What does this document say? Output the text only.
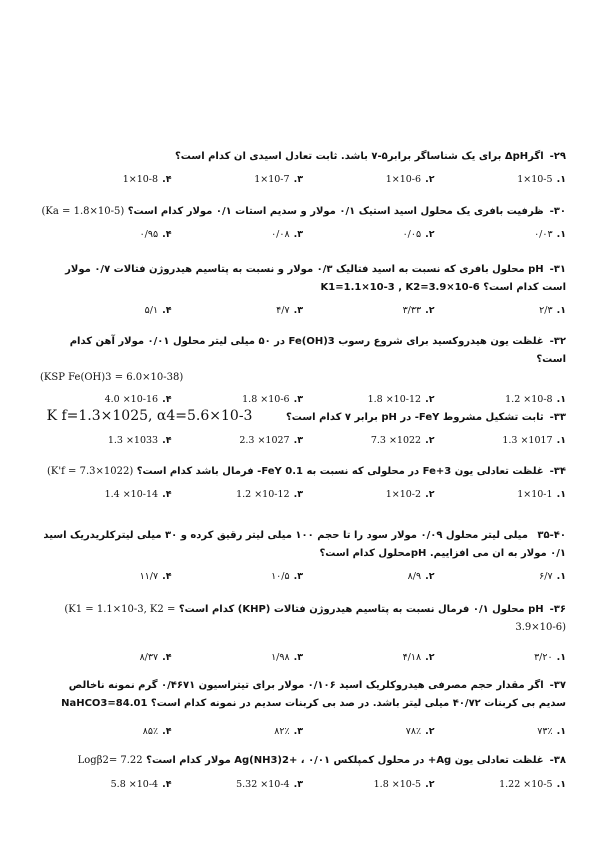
۲۹-اگرΔpH برای یک شناساگر برابر۵-۷ باشد. ثابت تعادل اسیدی ان کدام است؟
۱.1×10-5
۲.1×10-6
۳.1×10-7
۴.1×10-8
۳۰-ظرفیت بافری یک محلول اسید استیک ۰/۱ مولار و سدیم استات ۰/۱ مولار کدام است؟ (Ka = 1.8×10-5)
۱.۰/۰۳
۲.۰/۰۵
۳.۰/۰۸
۴.۰/۹۵
۳۱-pH محلول بافری که نسبت به اسید فتالیک ۰/۳ مولار و نسبت به پتاسیم هیدروژن فتالات ۰/۷ مولار است کدام است؟ K1=1.1×10-3 , K2=3.9×10-6
۱.۲/۳
۲.۳/۳۳
۳.۴/۷
۴.۵/۱
۳۲-غلظت یون هیدروکسید برای شروع رسوب Fe(OH)3 در ۵۰ میلی لیتر محلول ۰/۰۱ مولار آهن کدام است؟
(KSP Fe(OH)3 = 6.0×10-38)
۱.1.2 ×10-8
۲.1.8 ×10-12
۳.1.8 ×10-6
۴.4.0 ×10-16
۳۳-ثابت تشکیل مشروط FeY- در pH برابر ۷ کدام است؟ K f=1.3×1025, α4=5.6×10-3
۱.1.3 ×1017
۲.7.3 ×1022
۳.2.3 ×1027
۴.1.3 ×1033
۳۴-غلظت تعادلی یون Fe+3 در محلولی که نسبت به 0.1 FeY- فرمال باشد کدام است؟ (K'f = 7.3×1022)
۱.1×10-1
۲.1×10-2
۳.1.2 ×10-12
۴.1.4 ×10-14
۳۵-۴۰ میلی لیتر محلول ۰/۰۹ مولار سود را تا حجم ۱۰۰ میلی لیتر رقیق کرده و ۳۰ میلی لیترکلریدریک اسید ۰/۱ مولار به ان می افزاییم. pHمحلول کدام است؟
۱.۶/۷
۲.۸/۹
۳.۱۰/۵
۴.۱۱/۷
۳۶-pH محلول ۰/۱ فرمال نسبت به پتاسیم هیدروژن فتالات (KHP) کدام است؟ (K1 = 1.1×10-3, K2 = 3.9×10-6)
۱.۳/۲۰
۲.۴/۱۸
۳.۱/۹۸
۴.۸/۳۷
۳۷-اگر مقدار حجم مصرفی هیدروکلریک اسید ۰/۱۰۶ مولار برای تیتراسیون ۰/۴۶۷۱ گرم نمونه ناخالص سدیم بی کربنات ۴۰/۷۲ میلی لیتر باشد. در صد بی کربنات سدیم در نمونه کدام است؟ NaHCO3=84.01
۱.۷۳٪
۲.۷۸٪
۳.۸۲٪
۴.۸۵٪
۳۸-غلظت تعادلی یون Ag+ در محلول کمپلکس Ag(NH3)2+ ، ۰/۰۱ مولار کدام است؟ Logβ2= 7.22
۱.1.22 ×10-5
۲.1.8 ×10-5
۳.5.32 ×10-4
۴.5.8 ×10-4
